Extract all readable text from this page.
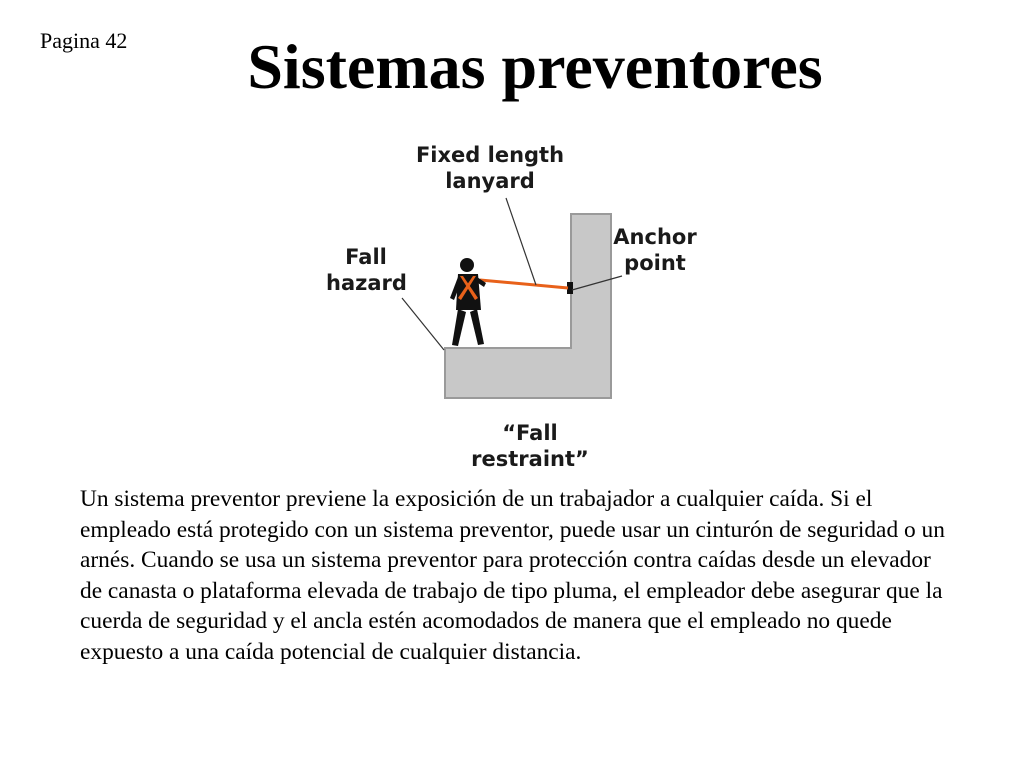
Pagina 42	Sistemas preventores
Fixed length
lanyard
Anchor
point
Fall
hazard
“Fall restraint”

Un sistema preventor previene la exposición de un trabajador a cualquier caída. Si el empleado está protegido con un sistema preventor, puede usar un cinturón de seguridad o un arnés. Cuando se usa un sistema preventor para protección contra caídas desde un elevador de canasta o plataforma elevada de trabajo de tipo pluma, el empleador debe asegurar que la cuerda de seguridad y el ancla estén acomodados de manera que el empleado no quede expuesto a una caída potencial de cualquier distancia.
